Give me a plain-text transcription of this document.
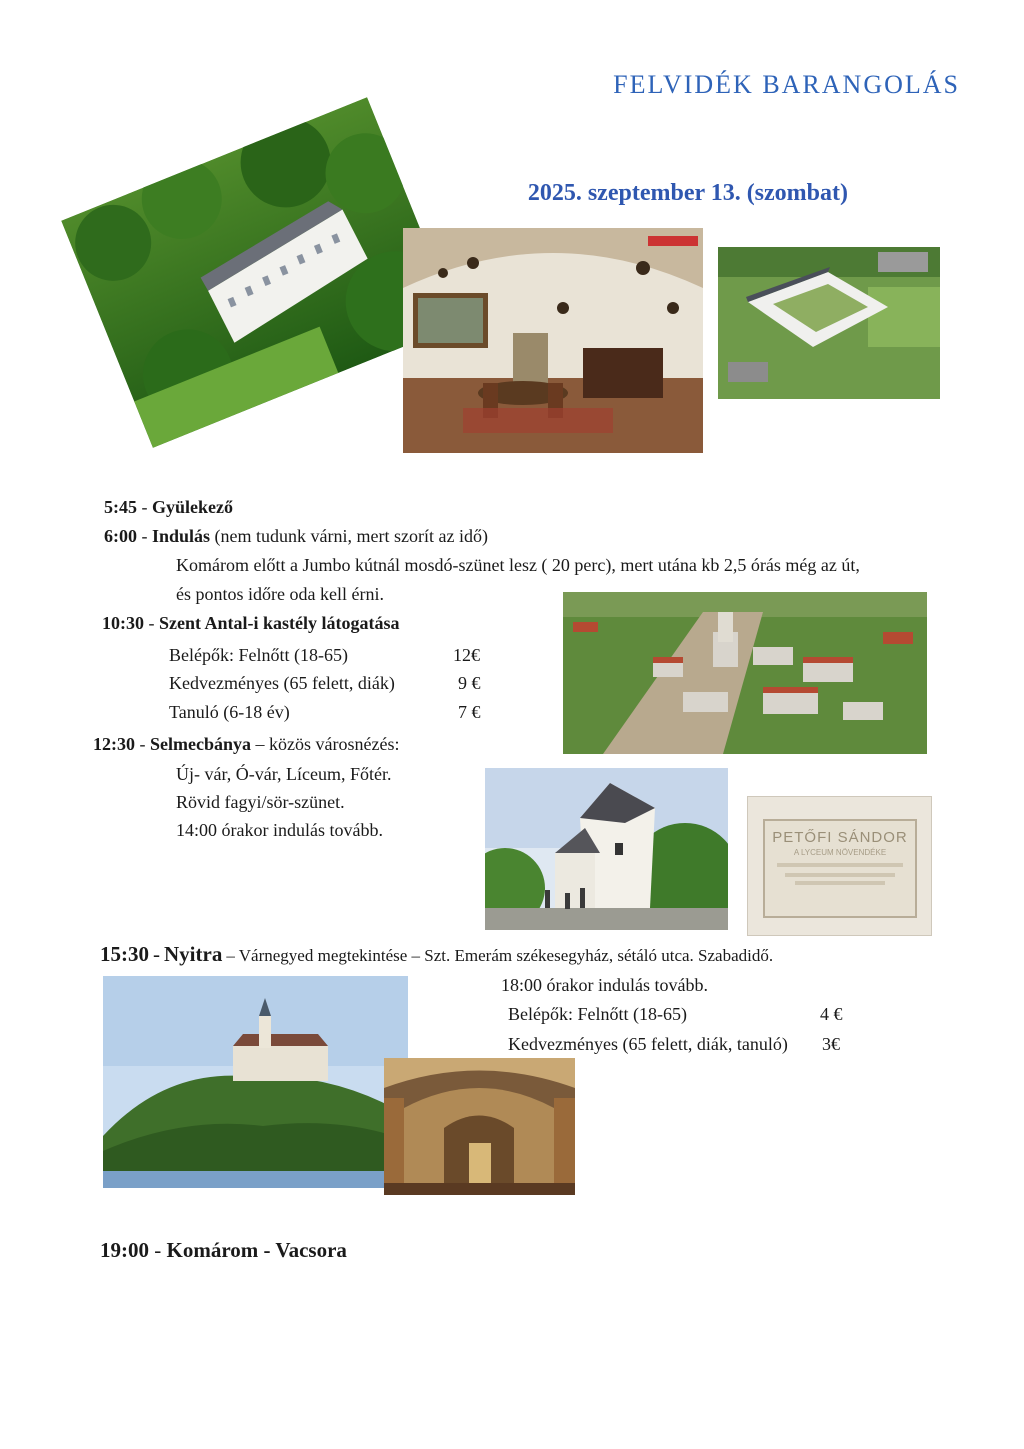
FELVIDÉK BARANGOLÁS
2025. szeptember 13. (szombat)
5:45 - Gyülekező
6:00 - Indulás (nem tudunk várni, mert szorít az idő)
Komárom előtt a Jumbo kútnál mosdó-szünet lesz ( 20 perc), mert utána kb 2,5 órás még az út,
és pontos időre oda kell érni.
10:30 - Szent Antal-i kastély látogatása
Belépők: Felnőtt (18-65)	12€
Kedvezményes (65 felett, diák)	9 €
Tanuló (6-18 év)	7 €
12:30 - Selmecbánya – közös városnézés:
Új- vár, Ó-vár, Líceum, Főtér.
Rövid fagyi/sör-szünet.
14:00 órakor indulás tovább.	PETŐFI SÁNDOR
A LYCEUM NÖVENDÉKE
15:30 - Nyitra – Várnegyed megtekintése – Szt. Emerám székesegyház, sétáló utca. Szabadidő.
18:00 órakor indulás tovább.
Belépők: Felnőtt (18-65)	4 €
Kedvezményes (65 felett, diák, tanuló) 3€
19:00 - Komárom - Vacsora
